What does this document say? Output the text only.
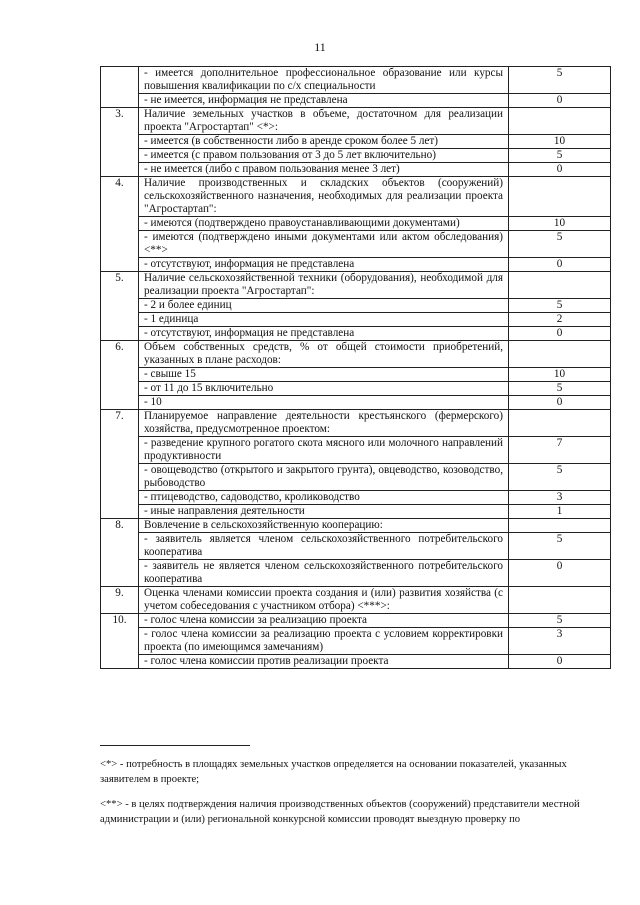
11
	- имеется дополнительное профессиональное образование или курсы повышения квалификации по с/х специальности	5
	- не имеется, информация не представлена	0
3.	Наличие земельных участков в объеме, достаточном для реализации проекта "Агростартап" <*>:	
	- имеется (в собственности либо в аренде сроком более 5 лет)	10
	- имеется (с правом пользования от 3 до 5 лет включительно)	5
	- не имеется (либо с правом пользования менее 3 лет)	0
4.	Наличие производственных и складских объектов (сооружений) сельскохозяйственного назначения, необходимых для реализации проекта "Агростартап":	
	- имеются (подтверждено правоустанавливающими документами)	10
	- имеются (подтверждено иными документами или актом обследования) <**>	5
	- отсутствуют, информация не представлена	0
5.	Наличие сельскохозяйственной техники (оборудования), необходимой для реализации проекта "Агростартап":	
	- 2 и более единиц	5
	- 1 единица	2
	- отсутствуют, информация не представлена	0
6.	Объем собственных средств, % от общей стоимости приобретений, указанных в плане расходов:	
	- свыше 15	10
	- от 11 до 15 включительно	5
	- 10	0
7.	Планируемое направление деятельности крестьянского (фермерского) хозяйства, предусмотренное проектом:	
	- разведение крупного рогатого скота мясного или молочного направлений продуктивности	7
	- овощеводство (открытого и закрытого грунта), овцеводство, козоводство, рыбоводство	5
	- птицеводство, садоводство, кролиководство	3
	- иные направления деятельности	1
8.	Вовлечение в сельскохозяйственную кооперацию:	
	- заявитель является членом сельскохозяйственного потребительского кооператива	5
	- заявитель не является членом сельскохозяйственного потребительского кооператива	0
9.	Оценка членами комиссии проекта создания и (или) развития хозяйства (с учетом собеседования с участником отбора) <***>:	
10.	- голос члена комиссии за реализацию проекта	5
	- голос члена комиссии за реализацию проекта с условием корректировки проекта (по имеющимся замечаниям)	3
	- голос члена комиссии против реализации проекта	0
<*> - потребность в площадях земельных участков определяется на основании показателей, указанных заявителем в проекте;
<**> - в целях подтверждения наличия производственных объектов (сооружений) представители местной администрации и (или) региональной конкурсной комиссии проводят выездную проверку по
